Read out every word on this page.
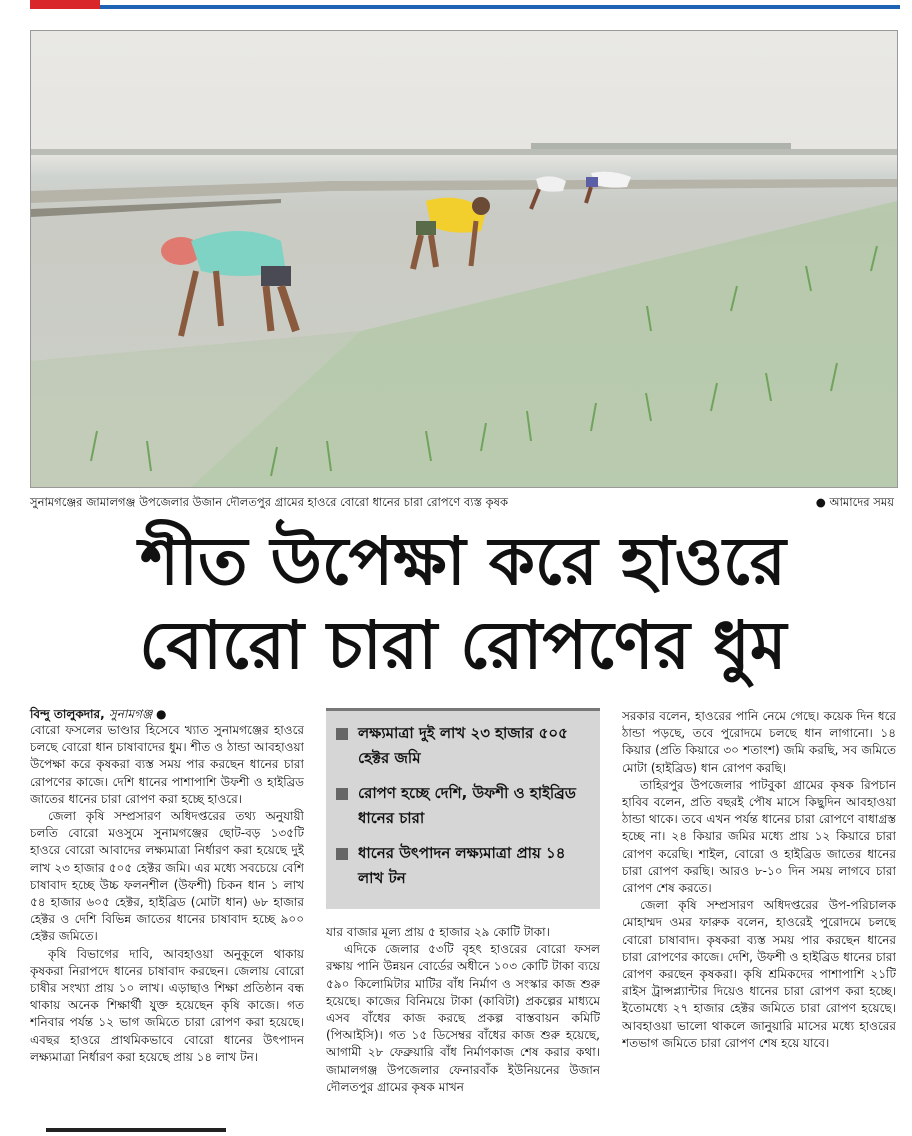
সুনামগঞ্জের জামালগঞ্জ উপজেলার উজান দৌলতপুর গ্রামের হাওরে বোরো ধানের চারা রোপণে ব্যস্ত কৃষক	● আমাদের সময়
শীত উপেক্ষা করে হাওরে
বোরো চারা রোপণের ধুম
বিন্দু তালুকদার, সুনামগঞ্জ ●

বোরো ফসলের ভাণ্ডার হিসেবে খ্যাত সুনামগঞ্জের হাওরে চলছে বোরো ধান চাষাবাদের ধুম। শীত ও ঠান্ডা আবহাওয়া উপেক্ষা করে কৃষকরা ব্যস্ত সময় পার করছেন ধানের চারা রোপণের কাজে। দেশি ধানের পাশাপাশি উফশী ও হাইব্রিড জাতের ধানের চারা রোপণ করা হচ্ছে হাওরে।

জেলা কৃষি সম্প্রসারণ অধিদপ্তরের তথ্য অনুযায়ী চলতি বোরো মওসুমে সুনামগঞ্জের ছোট-বড় ১৩৫টি হাওরে বোরো আবাদের লক্ষ্যমাত্রা নির্ধারণ করা হয়েছে দুই লাখ ২৩ হাজার ৫০৫ হেক্টর জমি। এর মধ্যে সবচেয়ে বেশি চাষাবাদ হচ্ছে উচ্চ ফলনশীল (উফশী) চিকন ধান ১ লাখ ৫৪ হাজার ৬০৫ হেক্টর, হাইব্রিড (মোটা ধান) ৬৮ হাজার হেক্টর ও দেশি বিভিন্ন জাতের ধানের চাষাবাদ হচ্ছে ৯০০ হেক্টর জমিতে।

কৃষি বিভাগের দাবি, আবহাওয়া অনুকূলে থাকায় কৃষকরা নিরাপদে ধানের চাষাবাদ করছেন। জেলায় বোরো চাষীর সংখ্যা প্রায় ১০ লাখ। এড়াছাও শিক্ষা প্রতিষ্ঠান বন্ধ থাকায় অনেক শিক্ষার্থী যুক্ত হয়েছেন কৃষি কাজে। গত শনিবার পর্যন্ত ১২ ভাগ জমিতে চারা রোপণ করা হয়েছে। এবছর হাওরে প্রাথমিকভাবে বোরো ধানের উৎপাদন লক্ষ্যমাত্রা নির্ধারণ করা হয়েছে প্রায় ১৪ লাখ টন।

লক্ষ্যমাত্রা দুই লাখ ২৩ হাজার ৫০৫ হেক্টর জমি
রোপণ হচ্ছে দেশি, উফশী ও হাইব্রিড ধানের চারা
ধানের উৎপাদন লক্ষ্যমাত্রা প্রায় ১৪ লাখ টন

যার বাজার মূল্য প্রায় ৫ হাজার ২৯ কোটি টাকা।

এদিকে জেলার ৫৩টি বৃহৎ হাওরের বোরো ফসল রক্ষায় পানি উন্নয়ন বোর্ডের অধীনে ১০৩ কোটি টাকা ব্যয়ে ৫৯০ কিলোমিটার মাটির বাঁধ নির্মাণ ও সংস্কার কাজ শুরু হয়েছে। কাজের বিনিময়ে টাকা (কাবিটা) প্রকল্পের মাধ্যমে এসব বাঁধের কাজ করছে প্রকল্প বাস্তবায়ন কমিটি (পিআইসি)। গত ১৫ ডিসেম্বর বাঁধের কাজ শুরু হয়েছে, আগামী ২৮ ফেব্রুয়ারি বাঁধ নির্মাণকাজ শেষ করার কথা। জামালগঞ্জ উপজেলার ফেনারবাঁক ইউনিয়নের উজান দৌলতপুর গ্রামের কৃষক মাখন

সরকার বলেন, হাওরের পানি নেমে গেছে। কয়েক দিন ধরে ঠান্ডা পড়ছে, তবে পুরোদমে চলছে ধান লাগানো। ১৪ কিয়ার (প্রতি কিয়ারে ৩০ শতাংশ) জমি করছি, সব জমিতে মোটা (হাইব্রিড) ধান রোপণ করছি।

তাহিরপুর উপজেলার পাটবুকা গ্রামের কৃষক রিপচান হাবিব বলেন, প্রতি বছরই পৌষ মাসে কিছুদিন আবহাওয়া ঠান্ডা থাকে। তবে এখন পর্যন্ত ধানের চারা রোপণে বাধাগ্রস্ত হচ্ছে না। ২৪ কিয়ার জমির মধ্যে প্রায় ১২ কিয়ারে চারা রোপণ করেছি। শাইল, বোরো ও হাইব্রিড জাতের ধানের চারা রোপণ করছি। আরও ৮-১০ দিন সময় লাগবে চারা রোপণ শেষ করতে।

জেলা কৃষি সম্প্রসারণ অধিদপ্তরের উপ-পরিচালক মোহাম্মদ ওমর ফারুক বলেন, হাওরেই পুরোদমে চলছে বোরো চাষাবাদ। কৃষকরা ব্যস্ত সময় পার করছেন ধানের চারা রোপণের কাজে। দেশি, উফশী ও হাইব্রিড ধানের চারা রোপণ করছেন কৃষকরা। কৃষি শ্রমিকদের পাশাপাশি ২১টি রাইস ট্রান্সপ্ল্যান্টার দিয়েও ধানের চারা রোপণ করা হচ্ছে। ইতোমধ্যে ২৭ হাজার হেক্টর জমিতে চারা রোপণ হয়েছে। আবহাওয়া ভালো থাকলে জানুয়ারি মাসের মধ্যে হাওরের শতভাগ জমিতে চারা রোপণ শেষ হয়ে যাবে।
